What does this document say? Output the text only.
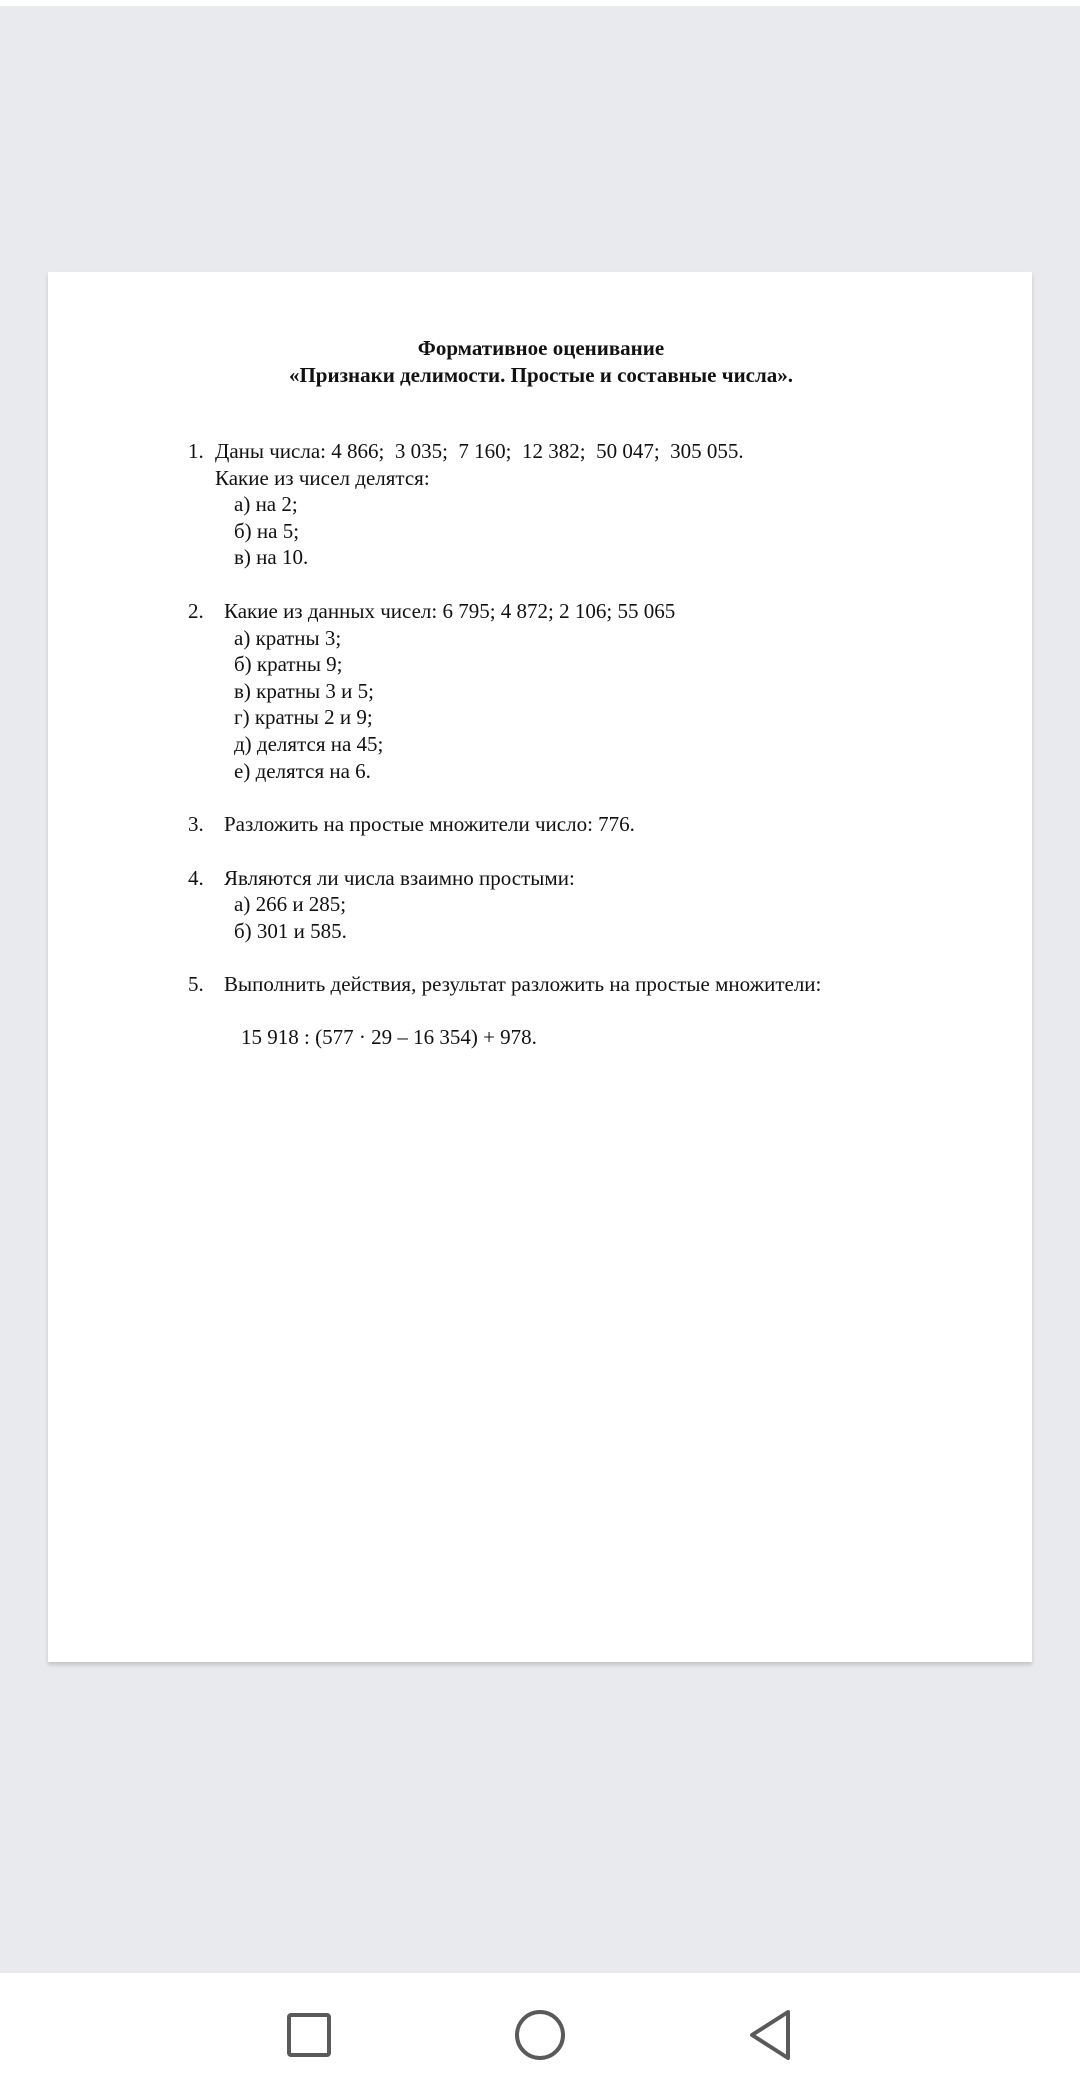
Формативное оценивание
«Признаки делимости. Простые и составные числа».
1. Даны числа: 4 866;  3 035;  7 160;  12 382;  50 047;  305 055.
Какие из чисел делятся:
а) на 2;
б) на 5;
в) на 10.
2. Какие из данных чисел: 6 795; 4 872; 2 106; 55 065
а) кратны 3;
б) кратны 9;
в) кратны 3 и 5;
г) кратны 2 и 9;
д) делятся на 45;
е) делятся на 6.
3. Разложить на простые множители число: 776.
4. Являются ли числа взаимно простыми:
а) 266 и 285;
б) 301 и 585.
5. Выполнить действия, результат разложить на простые множители:
15 918 : (577 · 29 – 16 354) + 978.
